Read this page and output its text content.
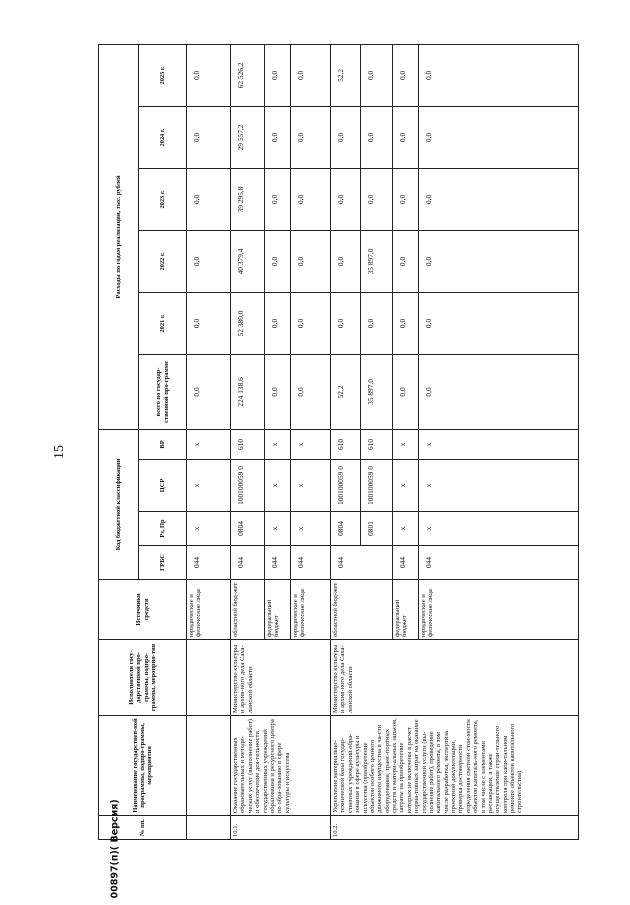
15
№ пп.	Наименование государствен-ной программы, подпро-граммы, мероприятия	Исполнители госу-дарственной про-граммы, подпро-граммы, мероприя-тия	Источники средств	Код бюджетной классификации				Расходы по годам реализации, тыс. рублей					
				ГРБС	Рз, Пр	ЦСР	ВР	всего по государ-ственной про-грамме	2021 г.	2022 г.	2023 г.	2024 г.	2025 г.
			юридические и физические лица	044	x	x	x	0,0	0,0	0,0	0,0	0,0	0,0
10.1.	Оказание государственных образовательных и методи-ческих услуг (выполнение работ) и обеспечение дея-тельности государственных учреждений образования и ресурсного центра по обра-зованию в сфере культуры и искусства	Министерство культуры и архив-ного дела Саха-линской области	областной бюд-жет	044	0804	100100059 0	610	224 138,6	52 380,0	40 379,4	39 295,8	29 557,2	62 526,2
			федеральный бюджет	044	x	x	x	0,0	0,0	0,0	0,0	0,0	0,0
			юридические и физические лица	044	x	x	x	0,0	0,0	0,0	0,0	0,0	0,0
10.2.	Укрепление материально-технической базы государ-ственных учреждений обра-зования в сфере культуры и искусства (приобретение объектов особого ценного движимого имущества в ча-сти оборудования, транс-портных средств и матери-альных запасов, затраты на приобретение которых не включены в расчет норма-тивных затрат на оказание государственной услуги (вы-полнение работ), проведение капитального ремонта, в том числе разработка, экспертиза проектной документации, проверка достоверности определения сметной стои-мости объектов капиталь-ного ремонта, в том числе с элементами реставрации, а также осуществление строи-тельного контроля при капи-тальном ремонте объектов капитального строительства)	Министерство культуры и архив-ного дела Саха-линской области	областной бюд-жет	044	0804	100100059 0	610	52,2	0,0	0,0	0,0	0,0	52,2
					0801	100100059 0	610	35 897,0	0,0	35 897,0	0,0	0,0	0,0
			федеральный бюджет	044	x	x	x	0,0	0,0	0,0	0,0	0,0	0,0
			юридические и физические лица	044	x	x	x	0,0	0,0	0,0	0,0	0,0	0,0
00897(п)( Версия)
